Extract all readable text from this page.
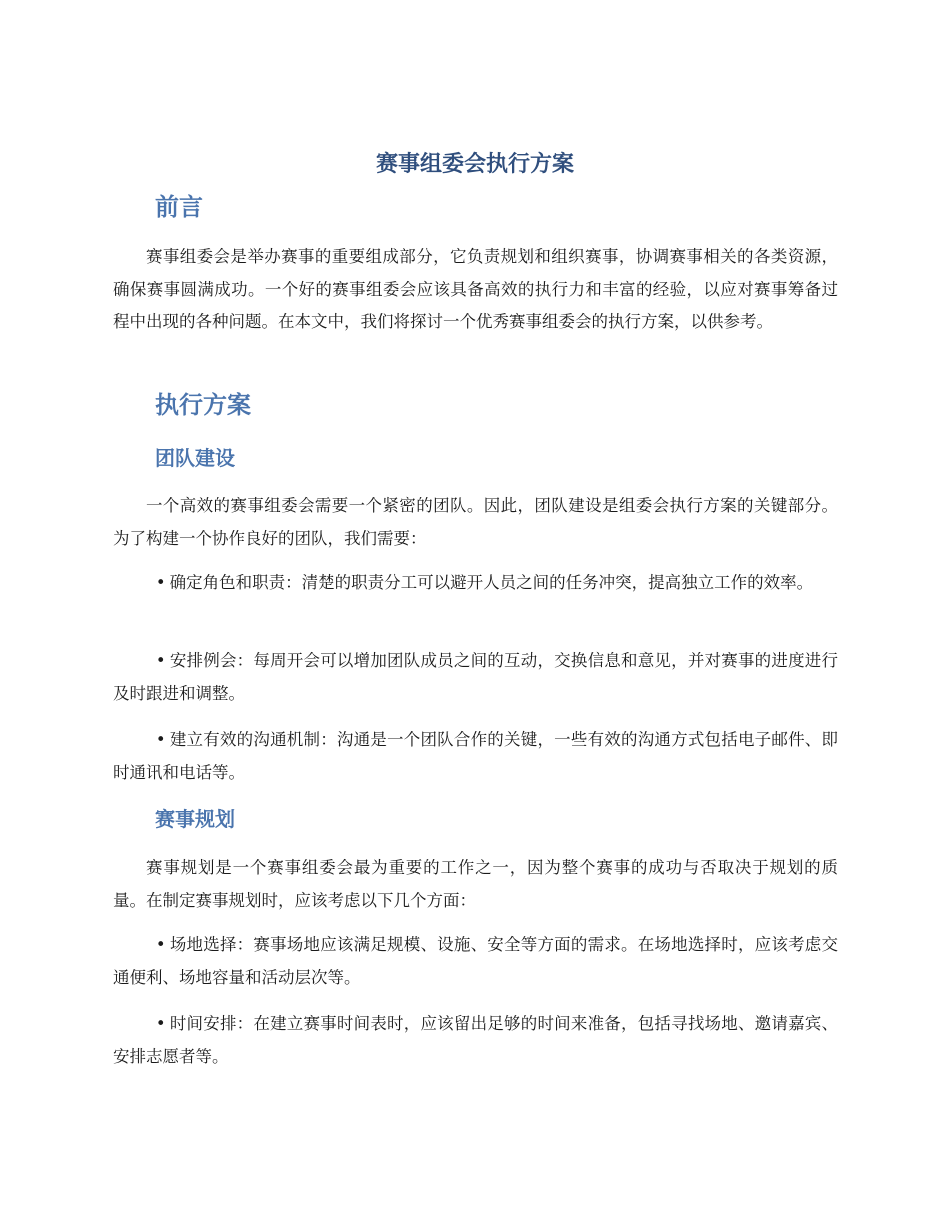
赛事组委会执行方案
前言

赛事组委会是举办赛事的重要组成部分，它负责规划和组织赛事，协调赛事相关的各类资源，确保赛事圆满成功。一个好的赛事组委会应该具备高效的执行力和丰富的经验，以应对赛事筹备过程中出现的各种问题。在本文中，我们将探讨一个优秀赛事组委会的执行方案，以供参考。

执行方案
团队建设

一个高效的赛事组委会需要一个紧密的团队。因此，团队建设是组委会执行方案的关键部分。为了构建一个协作良好的团队，我们需要：

• 确定角色和职责：清楚的职责分工可以避开人员之间的任务冲突，提高独立工作的效率。

• 安排例会：每周开会可以增加团队成员之间的互动，交换信息和意见，并对赛事的进度进行及时跟进和调整。

• 建立有效的沟通机制：沟通是一个团队合作的关键，一些有效的沟通方式包括电子邮件、即时通讯和电话等。

赛事规划

赛事规划是一个赛事组委会最为重要的工作之一，因为整个赛事的成功与否取决于规划的质量。在制定赛事规划时，应该考虑以下几个方面：

• 场地选择：赛事场地应该满足规模、设施、安全等方面的需求。在场地选择时，应该考虑交通便利、场地容量和活动层次等。

• 时间安排：在建立赛事时间表时，应该留出足够的时间来准备，包括寻找场地、邀请嘉宾、安排志愿者等。
